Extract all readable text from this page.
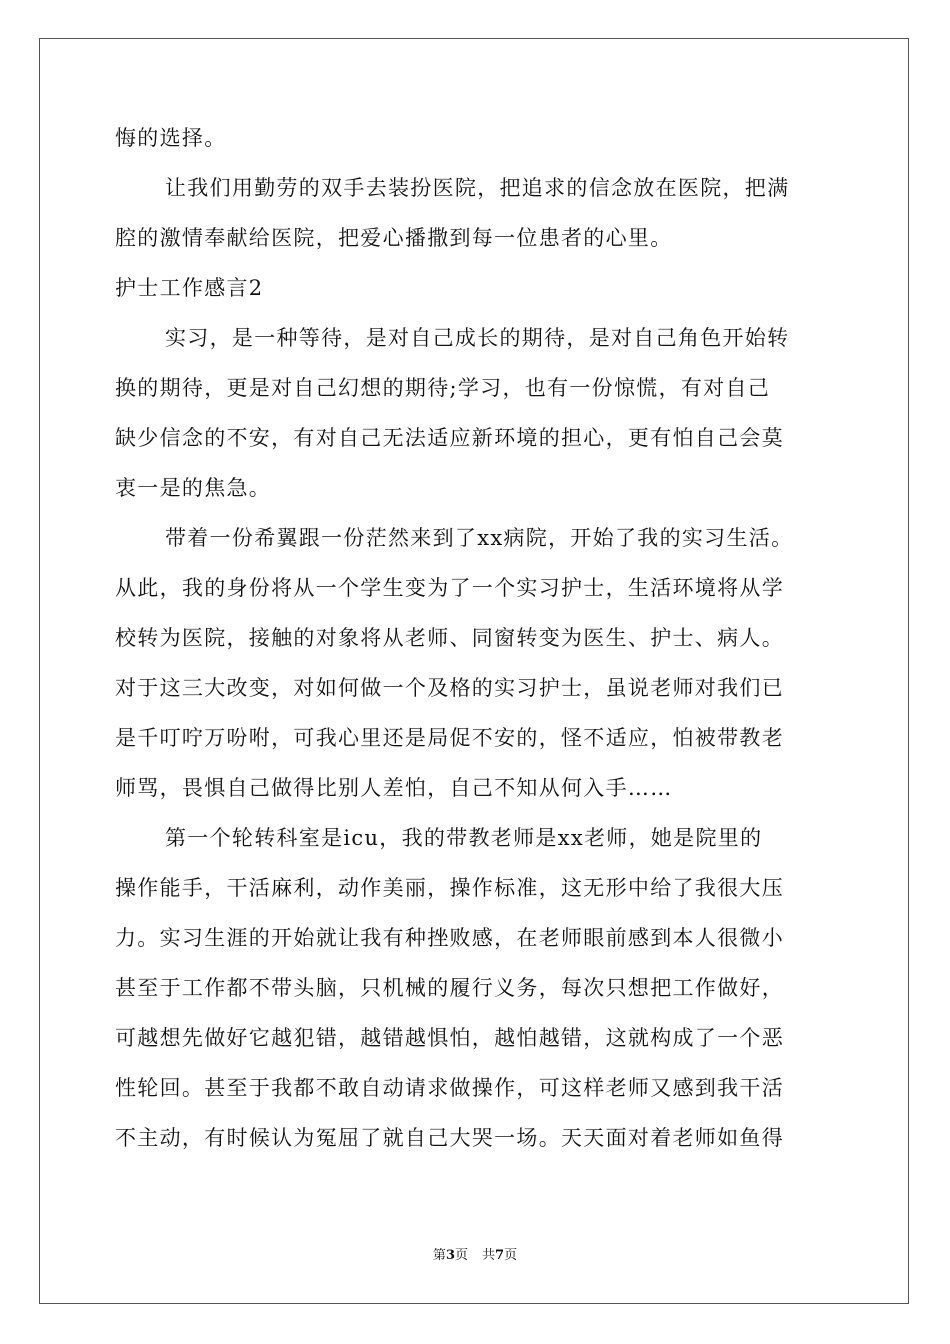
悔的选择。
让我们用勤劳的双手去装扮医院，把追求的信念放在医院，把满
腔的激情奉献给医院，把爱心播撒到每一位患者的心里。
护士工作感言2
实习，是一种等待，是对自己成长的期待，是对自己角色开始转
换的期待，更是对自己幻想的期待;学习，也有一份惊慌，有对自己
缺少信念的不安，有对自己无法适应新环境的担心，更有怕自己会莫
衷一是的焦急。
带着一份希翼跟一份茫然来到了xx病院，开始了我的实习生活。
从此，我的身份将从一个学生变为了一个实习护士，生活环境将从学
校转为医院，接触的对象将从老师、同窗转变为医生、护士、病人。
对于这三大改变，对如何做一个及格的实习护士，虽说老师对我们已
是千叮咛万吩咐，可我心里还是局促不安的，怪不适应，怕被带教老
师骂，畏惧自己做得比别人差怕，自己不知从何入手……
第一个轮转科室是icu，我的带教老师是xx老师，她是院里的
操作能手，干活麻利，动作美丽，操作标准，这无形中给了我很大压
力。实习生涯的开始就让我有种挫败感，在老师眼前感到本人很微小
甚至于工作都不带头脑，只机械的履行义务，每次只想把工作做好，
可越想先做好它越犯错，越错越惧怕，越怕越错，这就构成了一个恶
性轮回。甚至于我都不敢自动请求做操作，可这样老师又感到我干活
不主动，有时候认为冤屈了就自己大哭一场。天天面对着老师如鱼得
第3页 共7页
